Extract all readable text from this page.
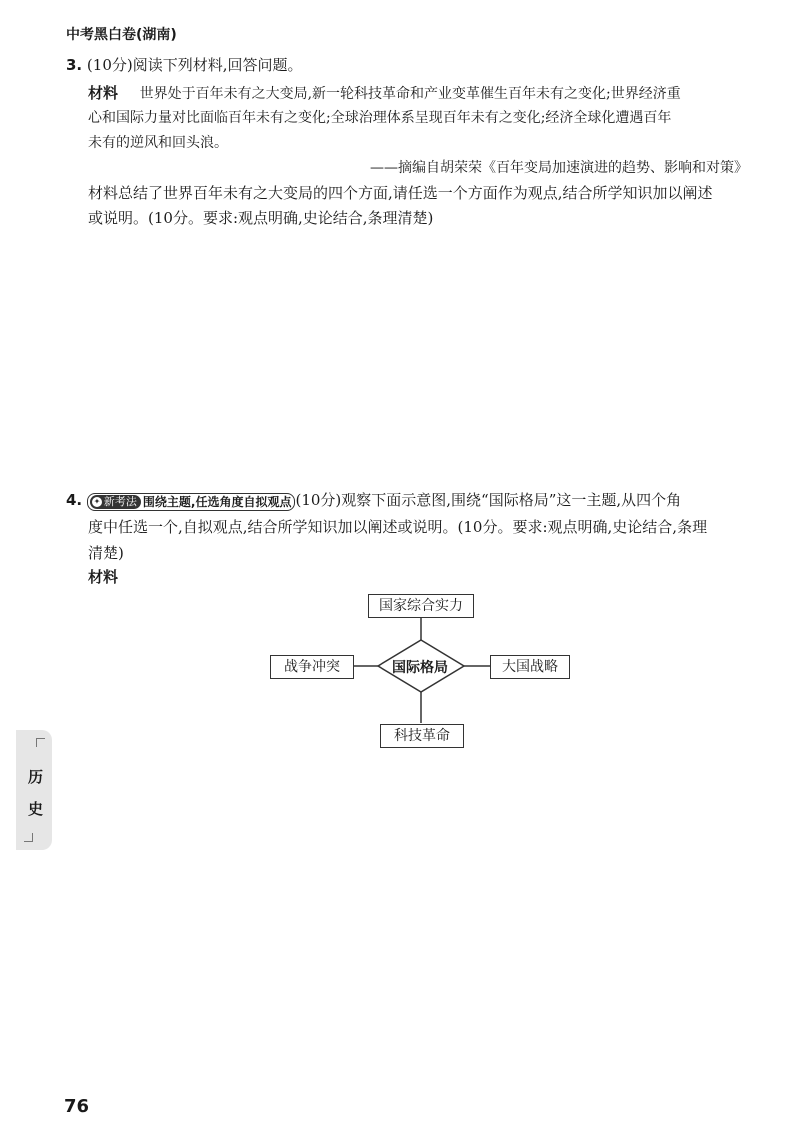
中考黑白卷(湖南)
3. (10分)阅读下列材料,回答问题。
材料 世界处于百年未有之大变局,新一轮科技革命和产业变革催生百年未有之变化;世界经济重
心和国际力量对比面临百年未有之变化;全球治理体系呈现百年未有之变化;经济全球化遭遇百年
未有的逆风和回头浪。
——摘编自胡荣荣《百年变局加速演进的趋势、影响和对策》
材料总结了世界百年未有之大变局的四个方面,请任选一个方面作为观点,结合所学知识加以阐述
或说明。(10分。要求:观点明确,史论结合,条理清楚)
4. ✦ 新考法 围绕主题,任选角度自拟观点 (10分)观察下面示意图,围绕“国际格局”这一主题,从四个角
度中任选一个,自拟观点,结合所学知识加以阐述或说明。(10分。要求:观点明确,史论结合,条理
清楚)
材料
国家综合实力
战争冲突	大国战略
科技革命
国际格局
历
史
76
